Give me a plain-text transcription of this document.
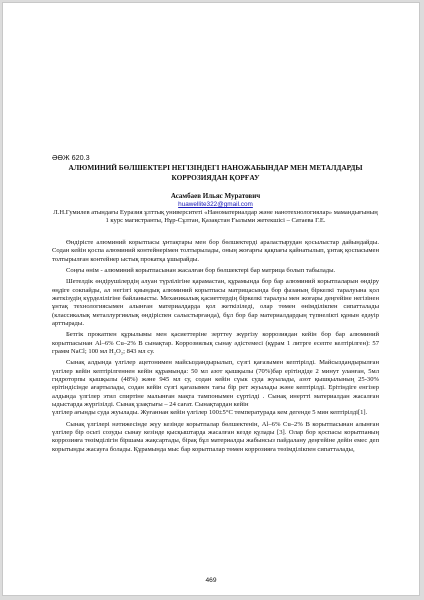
ƏӨЖ 620.3
АЛЮМИНИЙ БӨЛШЕКТЕРІ НЕГІЗІНДЕГІ НАНОЖАБЫНДАР МЕН МЕТАЛДАРДЫ КОРРОЗИЯДАН ҚОРҒАУ
Асамбаев Ильяс Муратович
huawellite322@gmail.com
Л.Н.Гумилев атындағы Еуразия ұлттық университеті «Наноматериалдар және нанотехнологиялар» мамандығының 1 курс магистранты, Нұр-Сұлтан, Қазақстан Ғылыми жетекшісі – Сатаева Г.Е.

Өндірісте алюминий корытпасы ұнтақтары мен бор бөлшектерді араластырудан қосылыстар дайындайды. Содан кейін қоспа алюминий контейнерімен толтырылады, оның жоғарғы қақпағы қайнатылып, ұнтақ қоспасымен толтырылған контейнер ыстық прокатқа ұшырайды.

Соңғы өнім - алюминий корытпасынан жасалған бор бөлшектері бар матрица болып табылады.

Шетелдік өндірушілердің алуан түрлілігіне қарамастан, құрамында бор бар алюминий корытпаларын өндіру өңдіге сокпайды, ал негізгі қиындық алюминий корытпасы матрицасында бор фазаның біркелкі таралуына қол жеткізудің күрделілігіне байланысты. Механикалық қасиеттердің біркелкі таралуы мен жоғары деңгейіне негізінен ұнтақ технологиясымен алынған материалдарда қол жеткізіледі, олар төмен өнімділікпен сипатталады (классикалық металлургиялық өндіріспен салыстырғанда), бұл бор бар материалдардың түпнелікті құнын едәуір арттырады.

Бетгік прокатпен құрылымы мен қасиеттеріне зерттеу жүргізу коррозиядан кейін бор бар алюминий корытпасынан Al–6% Cu–2% B сынақтар. Коррозиялық сынау әдістемесі (құрам 1 литрге есепте келтірілген): 57 грамм NaCl; 100 мл H₂O₂; 843 мл су.

Сынақ алдында үлгілер ацетонимен майсыздандырылып, сүзгі қағазымен кептірілді. Майсыздандырылған үлгілер кейін кептірілгеннен кейін құрамында: 50 мл азот қышқылы (70%)бар ерітіндіде 2 минут уланған, 5мл гидроторпы қышқылы (48%) және 945 мл су, содан кейін сүык суда жуылады, азот қышқылының 25-30% ерітіндісінде ағартылады, содан кейін сүзгі қағазымен тағы бір рет жуылады және кептірілді. Ерітіндіге енгізер алдында үлгілер этил спиртіне малынған мақта тампонымен сүртілді . Сынақ инертті материалдан жасалған ыдыстарда жүргізілді. Сынақ ұзақтығы – 24 сағат. Сынақтардан кейін

үлгілер ағынды суда жуылады. Жуғаннан кейін үлгілер 100±5°C температурада кем дегенде 5 мин кептірілді[1].

Сынақ үлгілері нәтижесінде жүу кезінде корытпалар бөлшектенін, Al–6% Cu–2% B корытпасынан алынған үлгілер бір осьті созуды сынау кезінде қысқыштарда жасалған кезде қүлады [3]. Олар бор қоспасы корытпаның коррозияға төзімділігін біршама жақсартады, бірақ бұл материалды жабынсыз пайдалану деңгейіне дейін емес деп корытынды жасауға болады. Құрамында мыс бар корытпалар төмен коррозияға төзімділікпен сипатталады,

469
